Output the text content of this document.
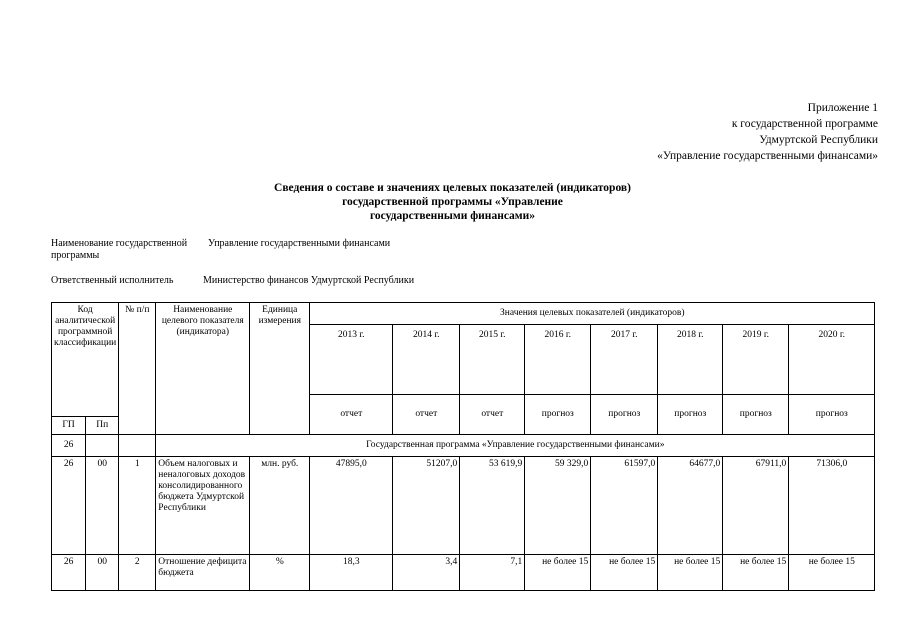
Приложение 1
к государственной программе
Удмуртской Республики
«Управление государственными финансами»
Сведения о составе и значениях целевых показателей (индикаторов)
государственной программы «Управление
государственными финансами»
Наименование государственной программы
Управление государственными финансами
Ответственный исполнитель	Министерство финансов Удмуртской Республики
Код аналитической программной классификации		№ п/п	Наименование целевого показателя (индикатора)	Единица измерения	Значения целевых показателей (индикаторов)							
					2013 г.	2014 г.	2015 г.	2016 г.	2017 г.	2018 г.	2019 г.	2020 г.
					отчет	отчет	отчет	прогноз	прогноз	прогноз	прогноз	прогноз
ГП	Пп											
26			Государственная программа «Управление государственными финансами»									
26	00	1	Объем налоговых и неналоговых доходов консолидированного бюджета Удмуртской Республики	млн. руб.	47895,0	51207,0	53 619,9	59 329,0	61597,0	64677,0	67911,0	71306,0
26	00	2	Отношение дефицита бюджета	%	18,3	3,4	7,1	не более 15	не более 15	не более 15	не более 15	не более 15
